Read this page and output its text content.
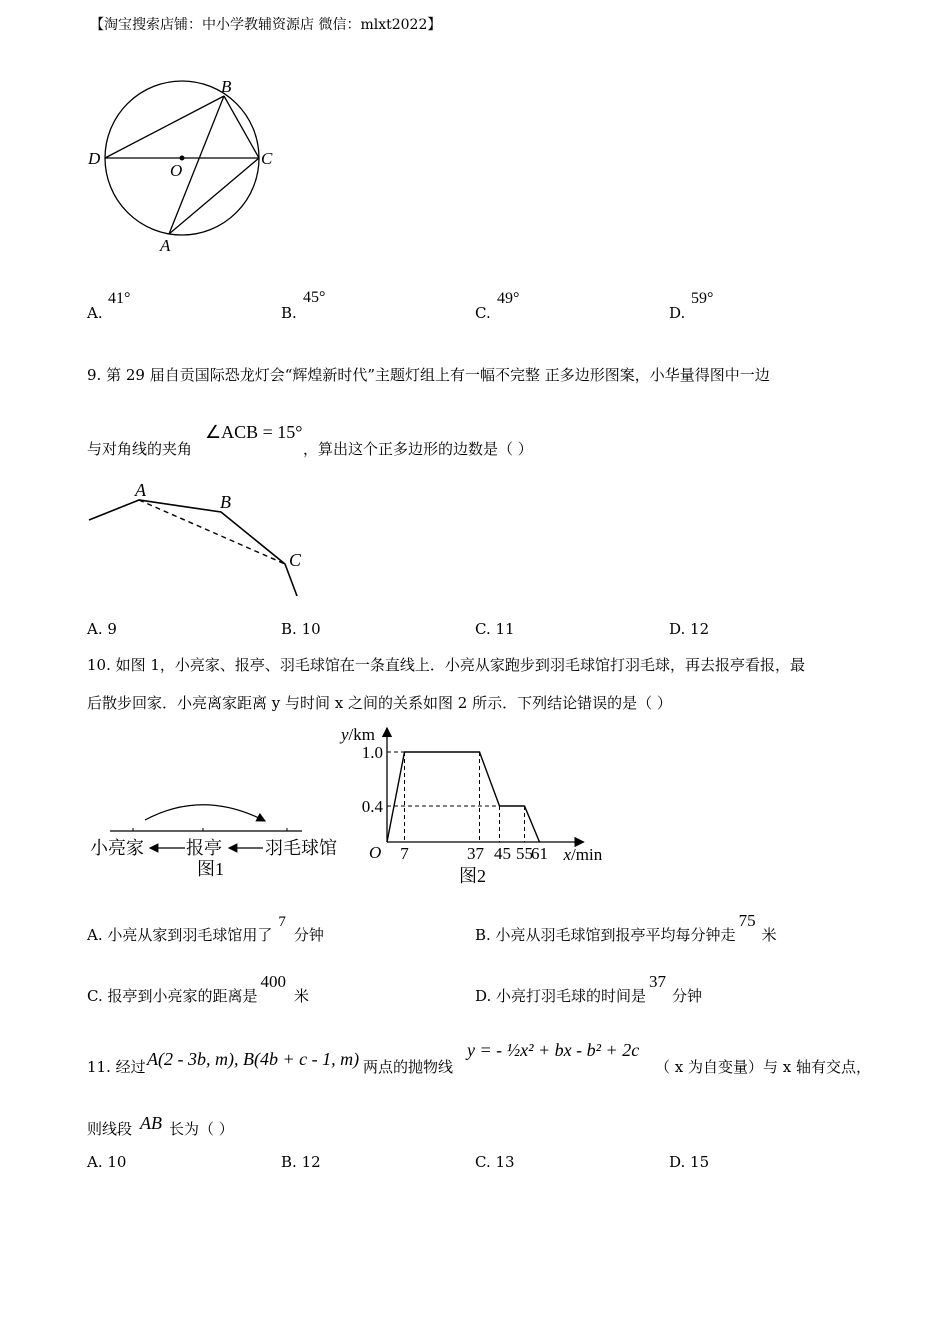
【淘宝搜索店铺：中小学教辅资源店 微信：mlxt2022】
B
D
O
C
A
A.
41°
B.
45°
C.
49°
D.
59°
9. 第 29 届自贡国际恐龙灯会“辉煌新时代”主题灯组上有一幅不完整 正多边形图案，小华量得图中一边
与对角线的夹角
∠ACB = 15°
，算出这个正多边形的边数是（ ）
A
B
C
A. 9	B. 10	C. 11	D. 12
10. 如图 1，小亮家、报亭、羽毛球馆在一条直线上．小亮从家跑步到羽毛球馆打羽毛球，再去报亭看报，最
后散步回家．小亮离家距离 y 与时间 x 之间的关系如图 2 所示．下列结论错误的是（ ）
小亮家 报亭 羽毛球馆
图1
7	37 45 55
61
1.0
0.4
y/km
x/min
O
图2
A. 小亮从家到羽毛球馆用了7分钟	B. 小亮从羽毛球馆到报亭平均每分钟走75米
C. 报亭到小亮家的距离是400米	D. 小亮打羽毛球的时间是37分钟
11. 经过 A(2 - 3b, m), B(4b + c - 1, m) 两点的抛物线
y = - ½x² + bx - b² + 2c
（ x 为自变量）与 x 轴有交点，
则线段 AB 长为（ ）
A. 10	B. 12	C. 13	D. 15
